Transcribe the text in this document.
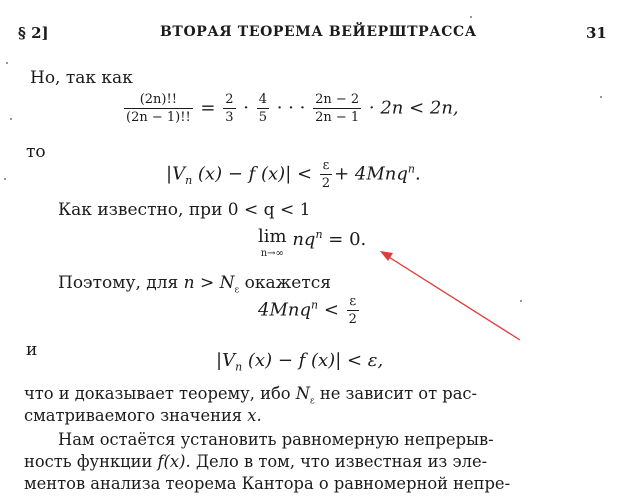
§ 2]	ВТОРАЯ ТЕОРЕМА ВЕЙЕРШТРАССА	31
Но, так как
$\frac{(2n)!!}{(2n - 1)!!} = \frac{2}{3} \cdot \frac{4}{5}$ · · · $\frac{2n - 2}{2n - 1} \cdot 2n < 2n$,
то
$|V_n$ (x) − f $(x)| < \frac{\varepsilon}{2} + 4Mnq^n$.
Как известно, при 0 < q < 1
lim
n→∞
$nq^n = 0$.
Поэтому, для $n > N_\varepsilon$ окажется
$4Mnq^n < \frac{\varepsilon}{2}$
и	$|V_n$ (x) − f (x)| < ε,
что и доказывает теорему, ибо $N_\varepsilon$ не зависит от рас-
сматриваемого значения x.
Нам остаётся установить равномерную непрерыв-
ность функции f(x). Дело в том, что известная из эле-
ментов анализа теорема Кантора о равномерной непре-
